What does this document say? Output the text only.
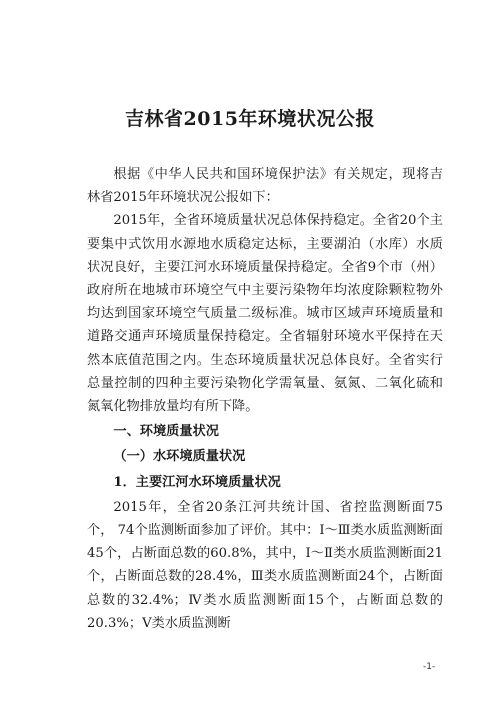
吉林省2015年环境状况公报

根据《中华人民共和国环境保护法》有关规定，现将吉林省2015年环境状况公报如下：

2015年，全省环境质量状况总体保持稳定。全省20个主要集中式饮用水源地水质稳定达标，主要湖泊（水库）水质状况良好，主要江河水环境质量保持稳定。全省9个市（州）政府所在地城市环境空气中主要污染物年均浓度除颗粒物外均达到国家环境空气质量二级标准。城市区域声环境质量和道路交通声环境质量保持稳定。全省辐射环境水平保持在天然本底值范围之内。生态环境质量状况总体良好。全省实行总量控制的四种主要污染物化学需氧量、氨氮、二氧化硫和氮氧化物排放量均有所下降。

一、环境质量状况

（一）水环境质量状况

1．主要江河水环境质量状况

2015年，全省20条江河共统计国、省控监测断面75个， 74个监测断面参加了评价。其中：Ⅰ～Ⅲ类水质监测断面45个，占断面总数的60.8%，其中，Ⅰ～Ⅱ类水质监测断面21个，占断面总数的28.4%，Ⅲ类水质监测断面24个，占断面总数的32.4%；Ⅳ类水质监测断面15个，占断面总数的20.3%；Ⅴ类水质监测断

-1-
